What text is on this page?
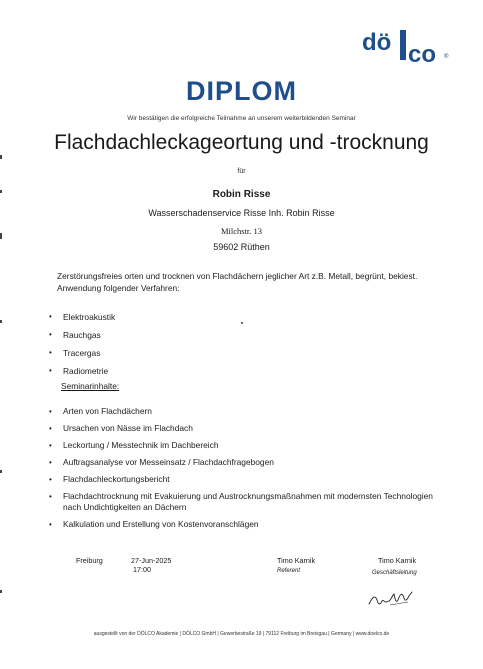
dö co ®
DIPLOM
Wir bestätigen die erfolgreiche Teilnahme an unserem weiterbildenden Seminar
Flachdachleckageortung und -trocknung
für
Robin Risse
Wasserschadenservice Risse Inh. Robin Risse
Milchstr. 13
59602 Rüthen
Zerstörungsfreies orten und trocknen von Flachdächern jeglicher Art z.B. Metall, begrünt, bekiest. Anwendung folgender Verfahren:
•	Elektroakustik
•	Rauchgas
•	Tracergas
•	Radiometrie
Seminarinhalte:
•	Arten von Flachdächern
•	Ursachen von Nässe im Flachdach
•	Leckortung / Messtechnik im Dachbereich
•	Auftragsanalyse vor Messeinsatz / Flachdachfragebogen
•	Flachdachleckortungsbericht
•	Flachdachtrocknung mit Evakuierung und Austrocknungsmaßnahmen mit modernsten Technologien nach Undichtigkeiten an Dächern
•	Kalkulation und Erstellung von Kostenvoranschlägen
Freiburg	27-Jun-2025
17:00
Timo Karnik
Referent
Timo Karnik
Geschäftsleitung
ausgestellt von der DÖLCO Akademie | DÖLCO GmbH | Gewerbestraße 19 | 79112 Freiburg im Breisgau | Germany | www.doelco.de
